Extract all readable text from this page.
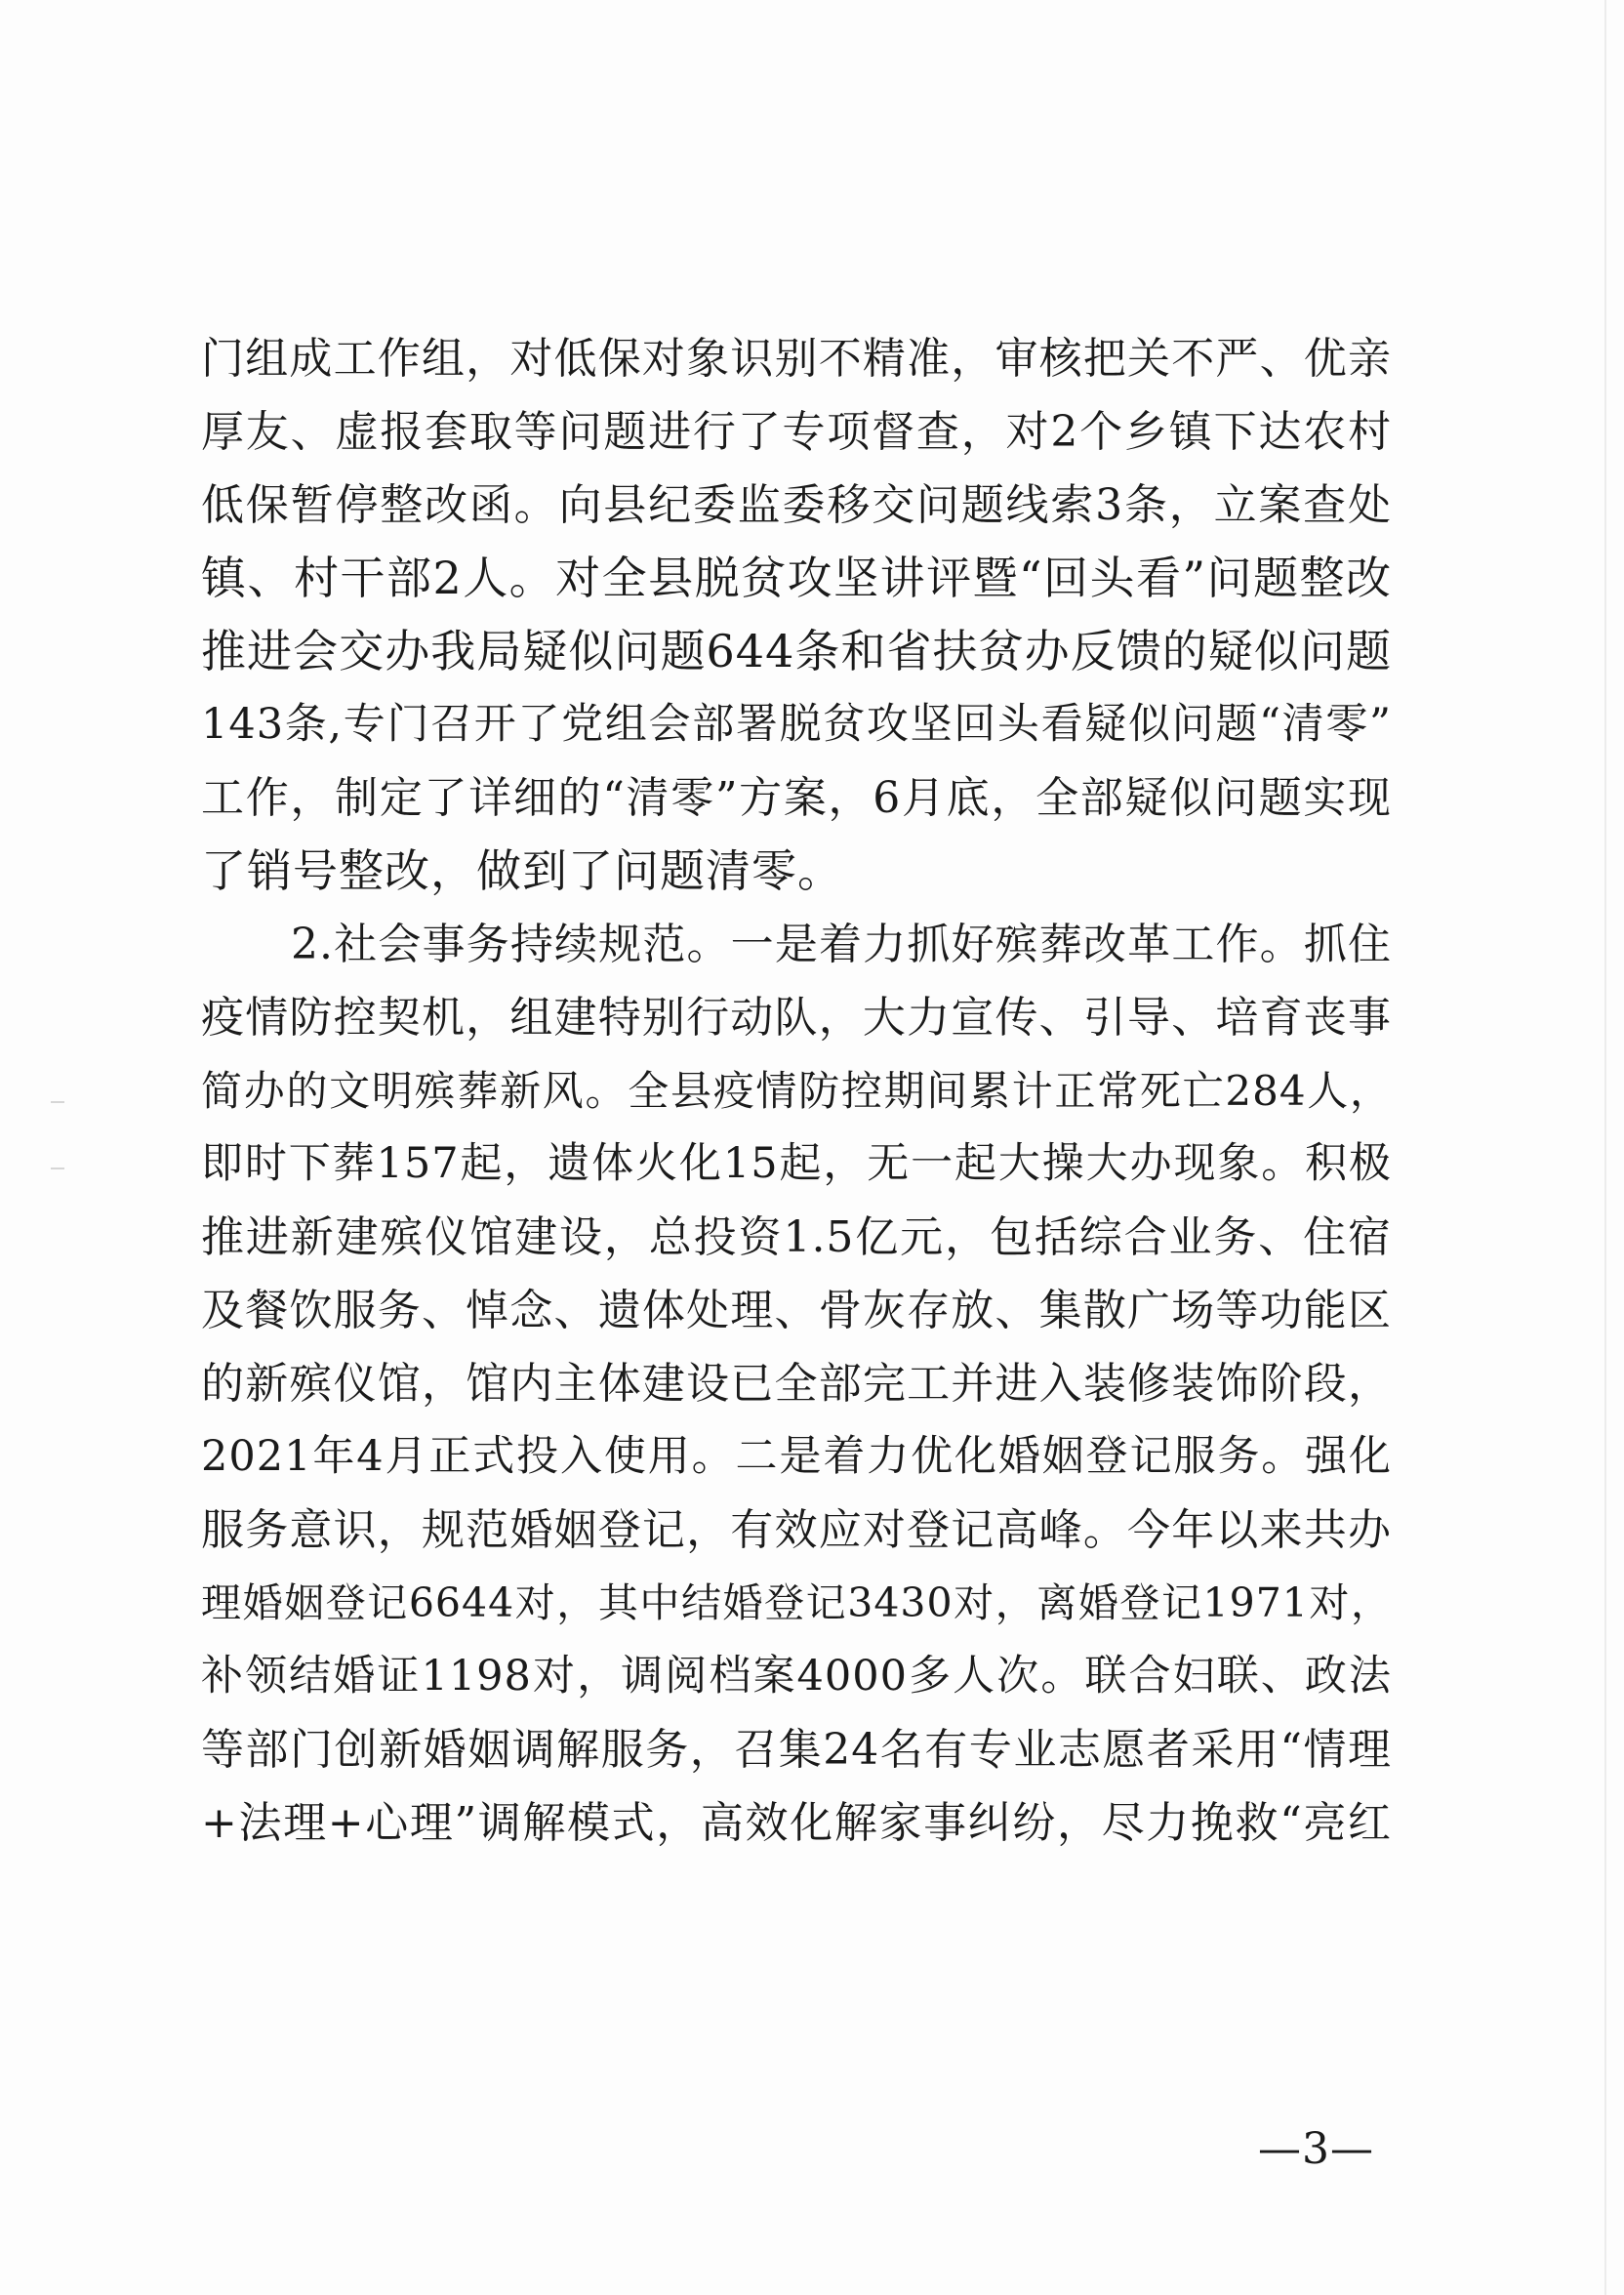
门组成工作组，对低保对象识别不精准，审核把关不严、优亲
厚友、虚报套取等问题进行了专项督查，对2个乡镇下达农村
低保暂停整改函。向县纪委监委移交问题线索3条，立案查处
镇、村干部2人。对全县脱贫攻坚讲评暨“回头看”问题整改
推进会交办我局疑似问题644条和省扶贫办反馈的疑似问题
143条,专门召开了党组会部署脱贫攻坚回头看疑似问题“清零”
工作，制定了详细的“清零”方案，6月底，全部疑似问题实现
了销号整改，做到了问题清零。
2.社会事务持续规范。一是着力抓好殡葬改革工作。抓住
疫情防控契机，组建特别行动队，大力宣传、引导、培育丧事
简办的文明殡葬新风。全县疫情防控期间累计正常死亡284人，
即时下葬157起，遗体火化15起，无一起大操大办现象。积极
推进新建殡仪馆建设，总投资1.5亿元，包括综合业务、住宿
及餐饮服务、悼念、遗体处理、骨灰存放、集散广场等功能区
的新殡仪馆，馆内主体建设已全部完工并进入装修装饰阶段，
2021年4月正式投入使用。二是着力优化婚姻登记服务。强化
服务意识，规范婚姻登记，有效应对登记高峰。今年以来共办
理婚姻登记6644对，其中结婚登记3430对，离婚登记1971对，
补领结婚证1198对，调阅档案4000多人次。联合妇联、政法
等部门创新婚姻调解服务，召集24名有专业志愿者采用“情理
+法理+心理”调解模式，高效化解家事纠纷，尽力挽救“亮红
—3—
